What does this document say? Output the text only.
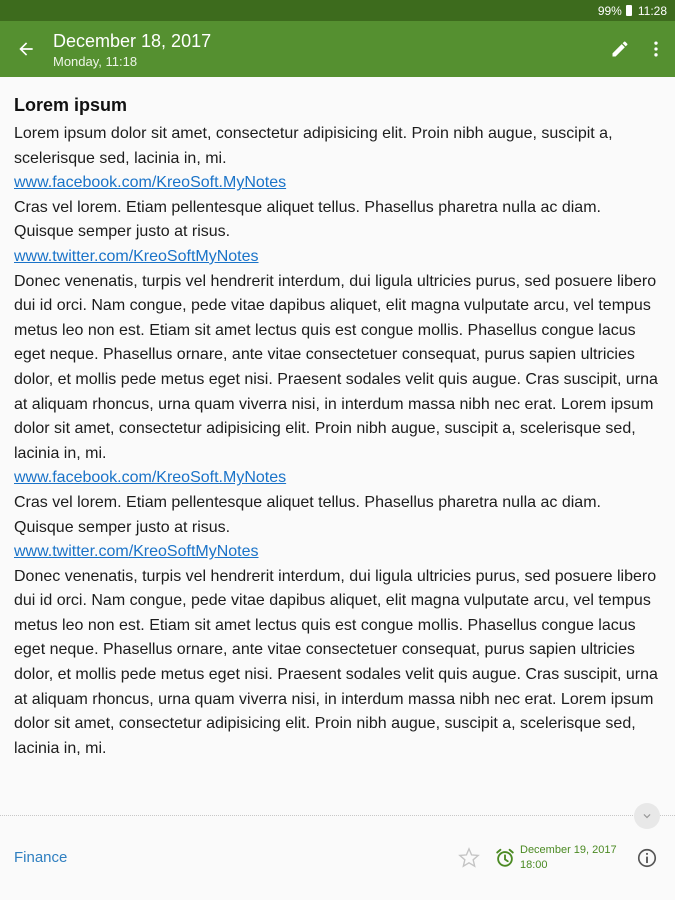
99% 11:28
December 18, 2017
Monday, 11:18
Lorem ipsum

Lorem ipsum dolor sit amet, consectetur adipisicing elit. Proin nibh augue, suscipit a, scelerisque sed, lacinia in, mi.

www.facebook.com/KreoSoft.MyNotes

Cras vel lorem. Etiam pellentesque aliquet tellus. Phasellus pharetra nulla ac diam. Quisque semper justo at risus.

www.twitter.com/KreoSoftMyNotes

Donec venenatis, turpis vel hendrerit interdum, dui ligula ultricies purus, sed posuere libero dui id orci. Nam congue, pede vitae dapibus aliquet, elit magna vulputate arcu, vel tempus metus leo non est. Etiam sit amet lectus quis est congue mollis. Phasellus congue lacus eget neque. Phasellus ornare, ante vitae consectetuer consequat, purus sapien ultricies dolor, et mollis pede metus eget nisi. Praesent sodales velit quis augue. Cras suscipit, urna at aliquam rhoncus, urna quam viverra nisi, in interdum massa nibh nec erat. Lorem ipsum dolor sit amet, consectetur adipisicing elit. Proin nibh augue, suscipit a, scelerisque sed, lacinia in, mi.

www.facebook.com/KreoSoft.MyNotes

Cras vel lorem. Etiam pellentesque aliquet tellus. Phasellus pharetra nulla ac diam. Quisque semper justo at risus.

www.twitter.com/KreoSoftMyNotes

Donec venenatis, turpis vel hendrerit interdum, dui ligula ultricies purus, sed posuere libero dui id orci. Nam congue, pede vitae dapibus aliquet, elit magna vulputate arcu, vel tempus metus leo non est. Etiam sit amet lectus quis est congue mollis. Phasellus congue lacus eget neque. Phasellus ornare, ante vitae consectetuer consequat, purus sapien ultricies dolor, et mollis pede metus eget nisi. Praesent sodales velit quis augue. Cras suscipit, urna at aliquam rhoncus, urna quam viverra nisi, in interdum massa nibh nec erat. Lorem ipsum dolor sit amet, consectetur adipisicing elit. Proin nibh augue, suscipit a, scelerisque sed, lacinia in, mi.

Finance	December 19, 2017
18:00
